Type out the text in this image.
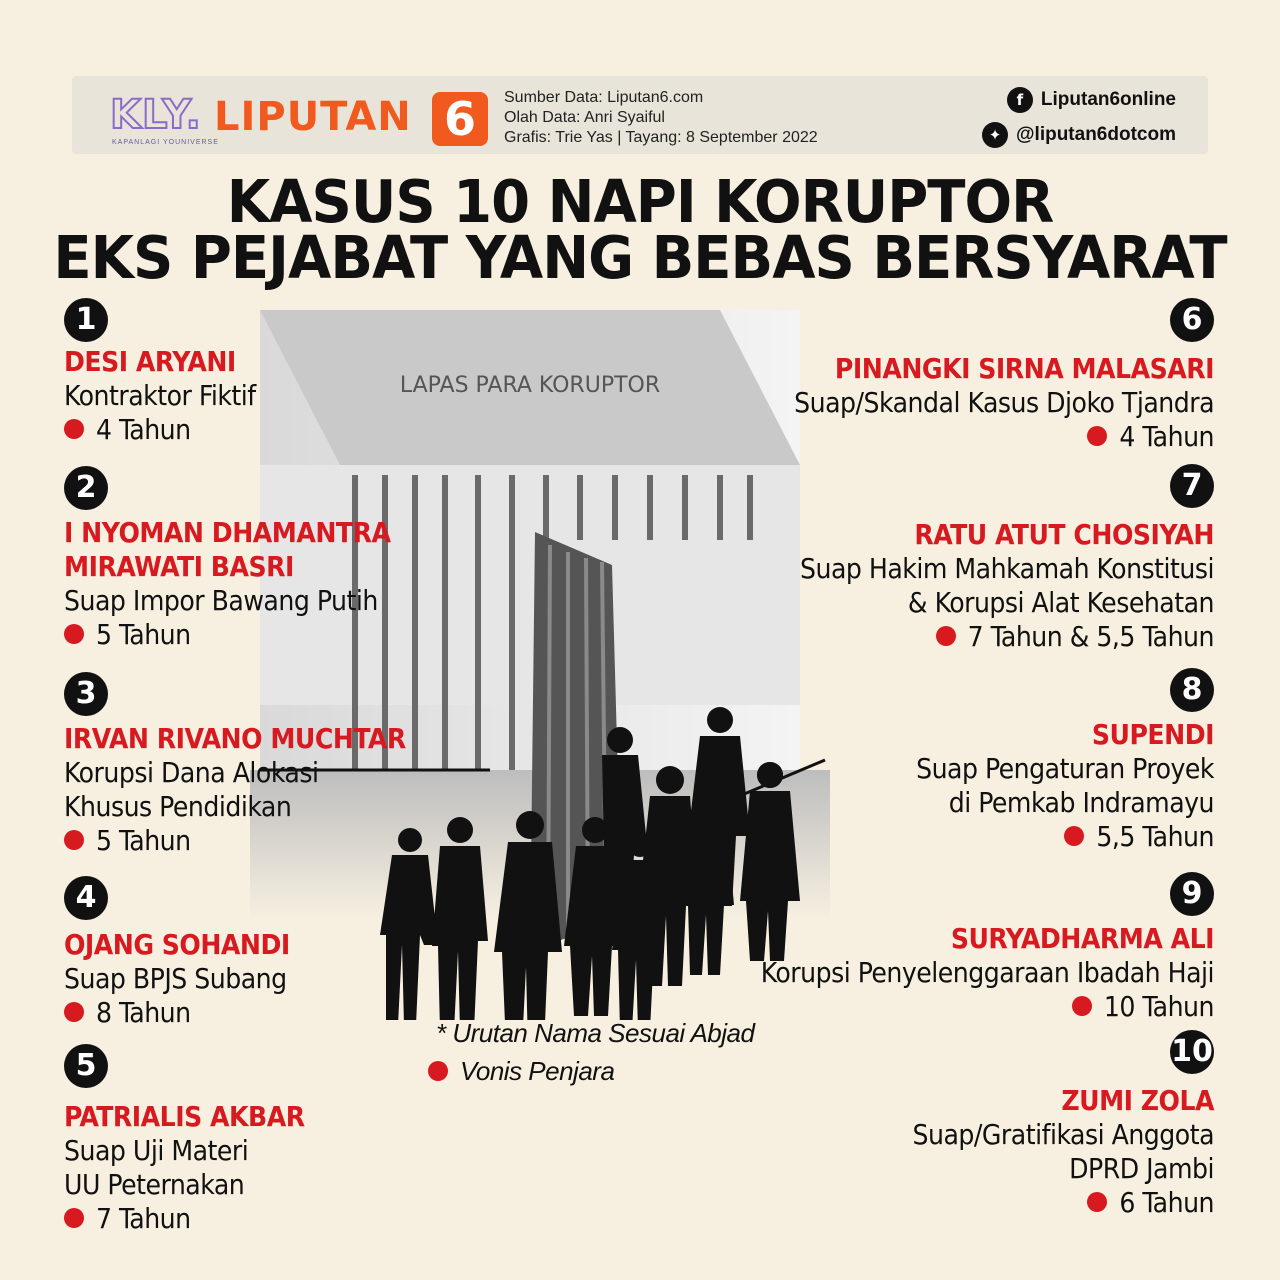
KLY.
KAPANLAGI YOUNIVERSE
LIPUTAN 6	Sumber Data: Liputan6.com
Olah Data: Anri Syaiful
Grafis: Trie Yas | Tayang: 8 September 2022
f Liputan6online
✦ @liputan6dotcom
KASUS 10 NAPI KORUPTOR
EKS PEJABAT YANG BEBAS BERSYARAT
LAPAS PARA KORUPTOR
1
DESI ARYANI
Kontraktor Fiktif
4 Tahun
2
I NYOMAN DHAMANTRA
MIRAWATI BASRI
Suap Impor Bawang Putih
5 Tahun
3
IRVAN RIVANO MUCHTAR
Korupsi Dana Alokasi
Khusus Pendidikan
5 Tahun
4
OJANG SOHANDI
Suap BPJS Subang
8 Tahun
5
PATRIALIS AKBAR
Suap Uji Materi
UU Peternakan
7 Tahun
6
PINANGKI SIRNA MALASARI
Suap/Skandal Kasus Djoko Tjandra
4 Tahun
7
RATU ATUT CHOSIYAH
Suap Hakim Mahkamah Konstitusi
& Korupsi Alat Kesehatan
7 Tahun & 5,5 Tahun
8
SUPENDI
Suap Pengaturan Proyek
di Pemkab Indramayu
5,5 Tahun
9
SURYADHARMA ALI
Korupsi Penyelenggaraan Ibadah Haji
10 Tahun
10
ZUMI ZOLA
Suap/Gratifikasi Anggota
DPRD Jambi
6 Tahun
* Urutan Nama Sesuai Abjad
Vonis Penjara
